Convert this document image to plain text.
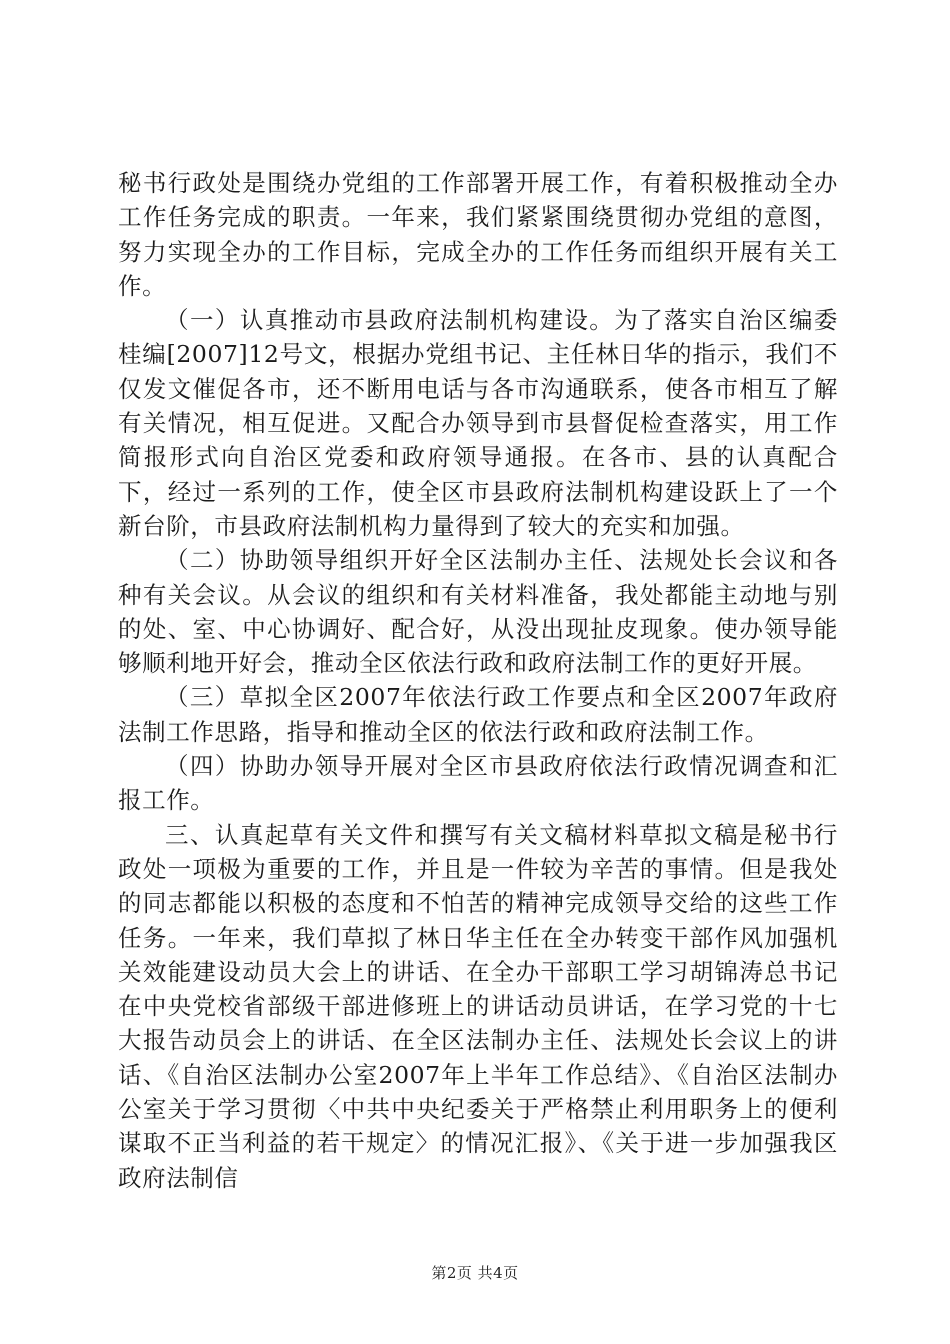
秘书行政处是围绕办党组的工作部署开展工作，有着积极推动全办工作任务完成的职责。一年来，我们紧紧围绕贯彻办党组的意图，努力实现全办的工作目标，完成全办的工作任务而组织开展有关工作。

（一）认真推动市县政府法制机构建设。为了落实自治区编委桂编[2007]12号文，根据办党组书记、主任林日华的指示，我们不仅发文催促各市，还不断用电话与各市沟通联系，使各市相互了解有关情况，相互促进。又配合办领导到市县督促检查落实，用工作简报形式向自治区党委和政府领导通报。在各市、县的认真配合下，经过一系列的工作，使全区市县政府法制机构建设跃上了一个新台阶，市县政府法制机构力量得到了较大的充实和加强。

（二）协助领导组织开好全区法制办主任、法规处长会议和各种有关会议。从会议的组织和有关材料准备，我处都能主动地与别的处、室、中心协调好、配合好，从没出现扯皮现象。使办领导能够顺利地开好会，推动全区依法行政和政府法制工作的更好开展。

（三）草拟全区2007年依法行政工作要点和全区2007年政府法制工作思路，指导和推动全区的依法行政和政府法制工作。

（四）协助办领导开展对全区市县政府依法行政情况调查和汇报工作。

三、认真起草有关文件和撰写有关文稿材料草拟文稿是秘书行政处一项极为重要的工作，并且是一件较为辛苦的事情。但是我处的同志都能以积极的态度和不怕苦的精神完成领导交给的这些工作任务。一年来，我们草拟了林日华主任在全办转变干部作风加强机关效能建设动员大会上的讲话、在全办干部职工学习胡锦涛总书记在中央党校省部级干部进修班上的讲话动员讲话，在学习党的十七大报告动员会上的讲话、在全区法制办主任、法规处长会议上的讲话、《自治区法制办公室2007年上半年工作总结》、《自治区法制办公室关于学习贯彻〈中共中央纪委关于严格禁止利用职务上的便利谋取不正当利益的若干规定〉的情况汇报》、《关于进一步加强我区政府法制信

第2页 共4页
